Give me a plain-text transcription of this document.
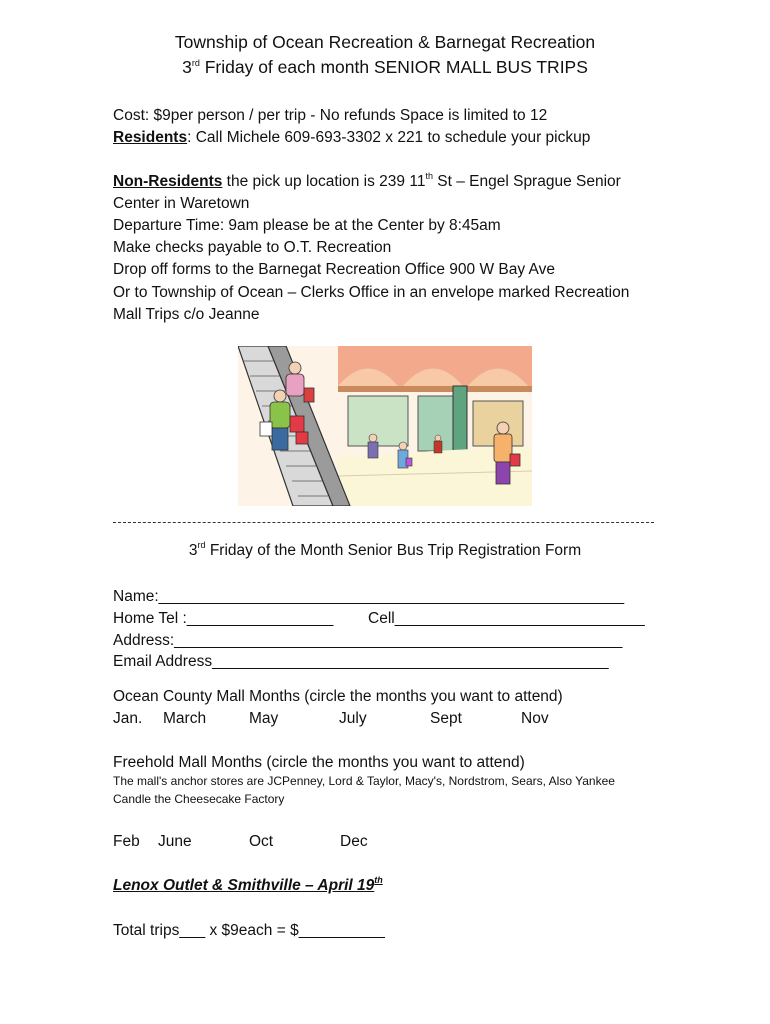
Township of Ocean Recreation & Barnegat Recreation
3rd Friday of each month SENIOR MALL BUS TRIPS
Cost: $9per person / per trip - No refunds Space is limited to 12
Residents: Call Michele 609-693-3302 x 221 to schedule your pickup
Non-Residents the pick up location is 239 11th St – Engel Sprague Senior
Center in Waretown
Departure Time: 9am please be at the Center by 8:45am
Make checks payable to O.T. Recreation
Drop off forms to the Barnegat Recreation Office 900 W Bay Ave
Or to Township of Ocean – Clerks Office in an envelope marked Recreation
Mall Trips c/o Jeanne
3rd Friday of the Month Senior Bus Trip Registration Form
Name:______________________________________________________
Home Tel :_________________ Cell_____________________________
Address:____________________________________________________
Email Address______________________________________________
Ocean County Mall Months (circle the months you want to attend)
Jan. March	May	July	Sept	Nov
Freehold Mall Months (circle the months you want to attend)
The mall's anchor stores are JCPenney, Lord & Taylor, Macy's, Nordstrom, Sears, Also Yankee
Candle the Cheesecake Factory
Feb June	Oct	Dec
Lenox Outlet & Smithville – April 19th
Total trips___ x $9each = $__________
